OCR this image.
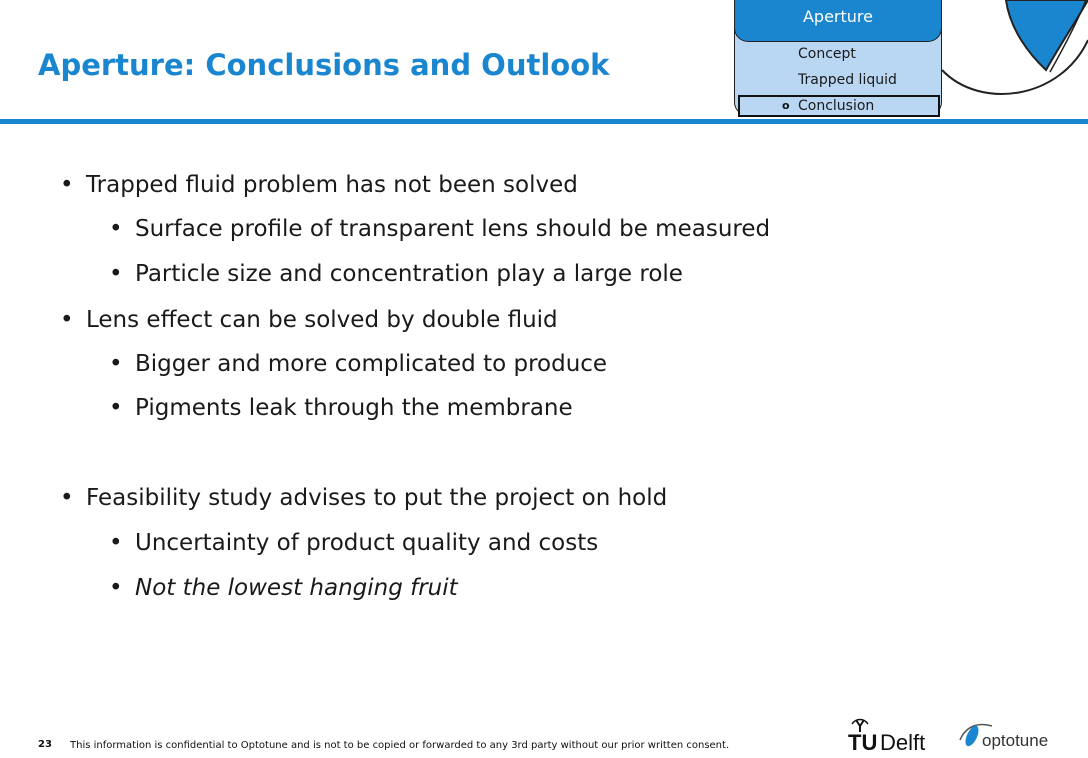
Aperture: Conclusions and Outlook
Aperture
Concept
Trapped liquid
o Conclusion
• Trapped fluid problem has not been solved
• Surface profile of transparent lens should be measured
• Particle size and concentration play a large role
• Lens effect can be solved by double fluid
• Bigger and more complicated to produce
• Pigments leak through the membrane
• Feasibility study advises to put the project on hold
• Uncertainty of product quality and costs
• Not the lowest hanging fruit
23 This information is confidential to Optotune and is not to be copied or forwarded to any 3rd party without our prior written consent.	TU Delft	optotune
